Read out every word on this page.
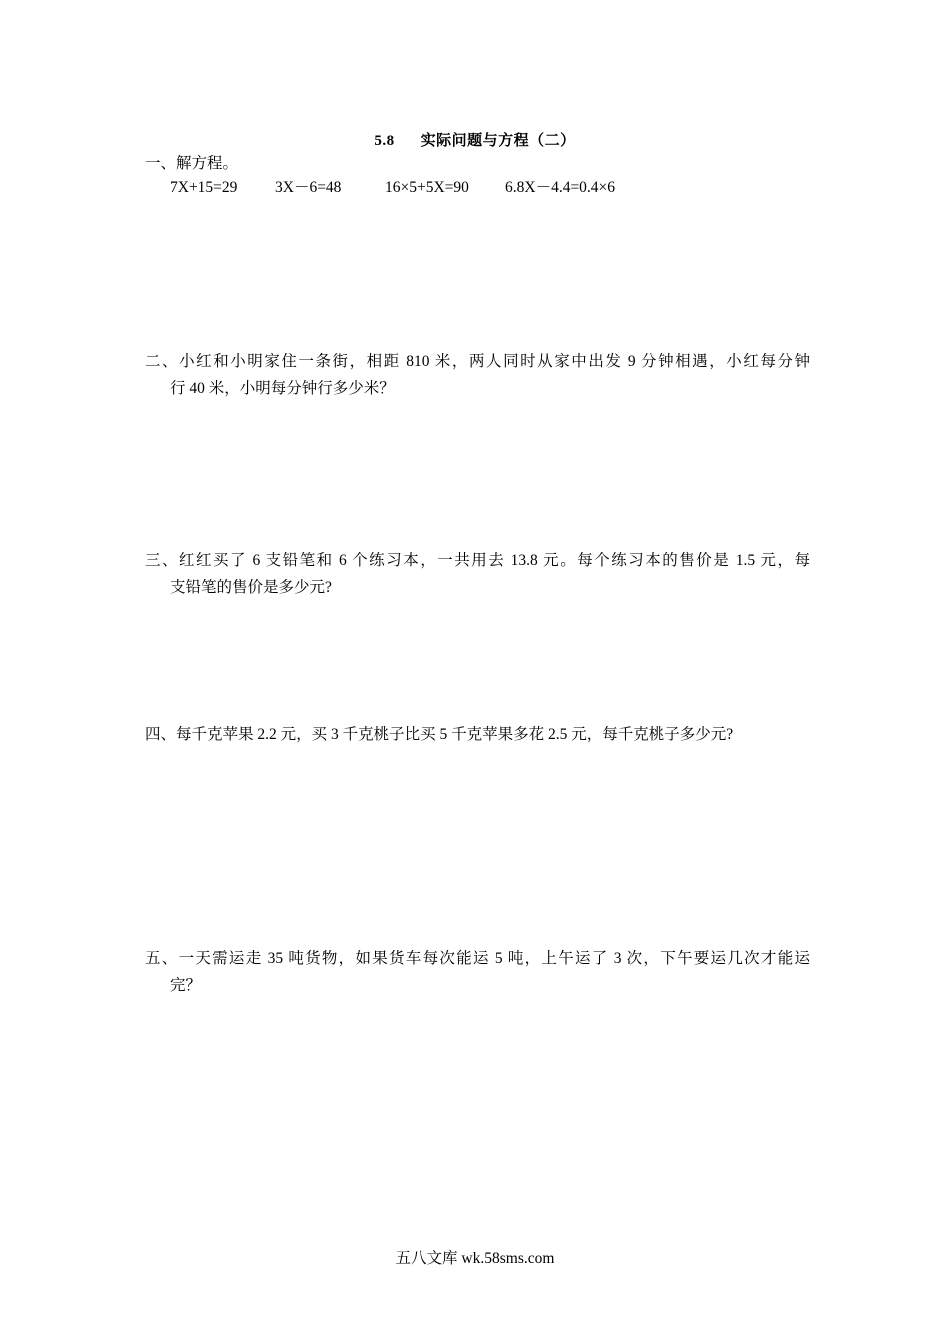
5.8 实际问题与方程（二）
一、解方程。
7X+15=29 3X－6=48	16×5+5X=90 6.8X－4.4=0.4×6
二、小红和小明家住一条街，相距 810 米，两人同时从家中出发 9 分钟相遇，小红每分钟
行 40 米，小明每分钟行多少米？
三、红红买了 6 支铅笔和 6 个练习本，一共用去 13.8 元。每个练习本的售价是 1.5 元，每
支铅笔的售价是多少元?
四、每千克苹果 2.2 元，买 3 千克桃子比买 5 千克苹果多花 2.5 元，每千克桃子多少元?
五、一天需运走 35 吨货物，如果货车每次能运 5 吨，上午运了 3 次，下午要运几次才能运
完？
五八文库 wk.58sms.com
